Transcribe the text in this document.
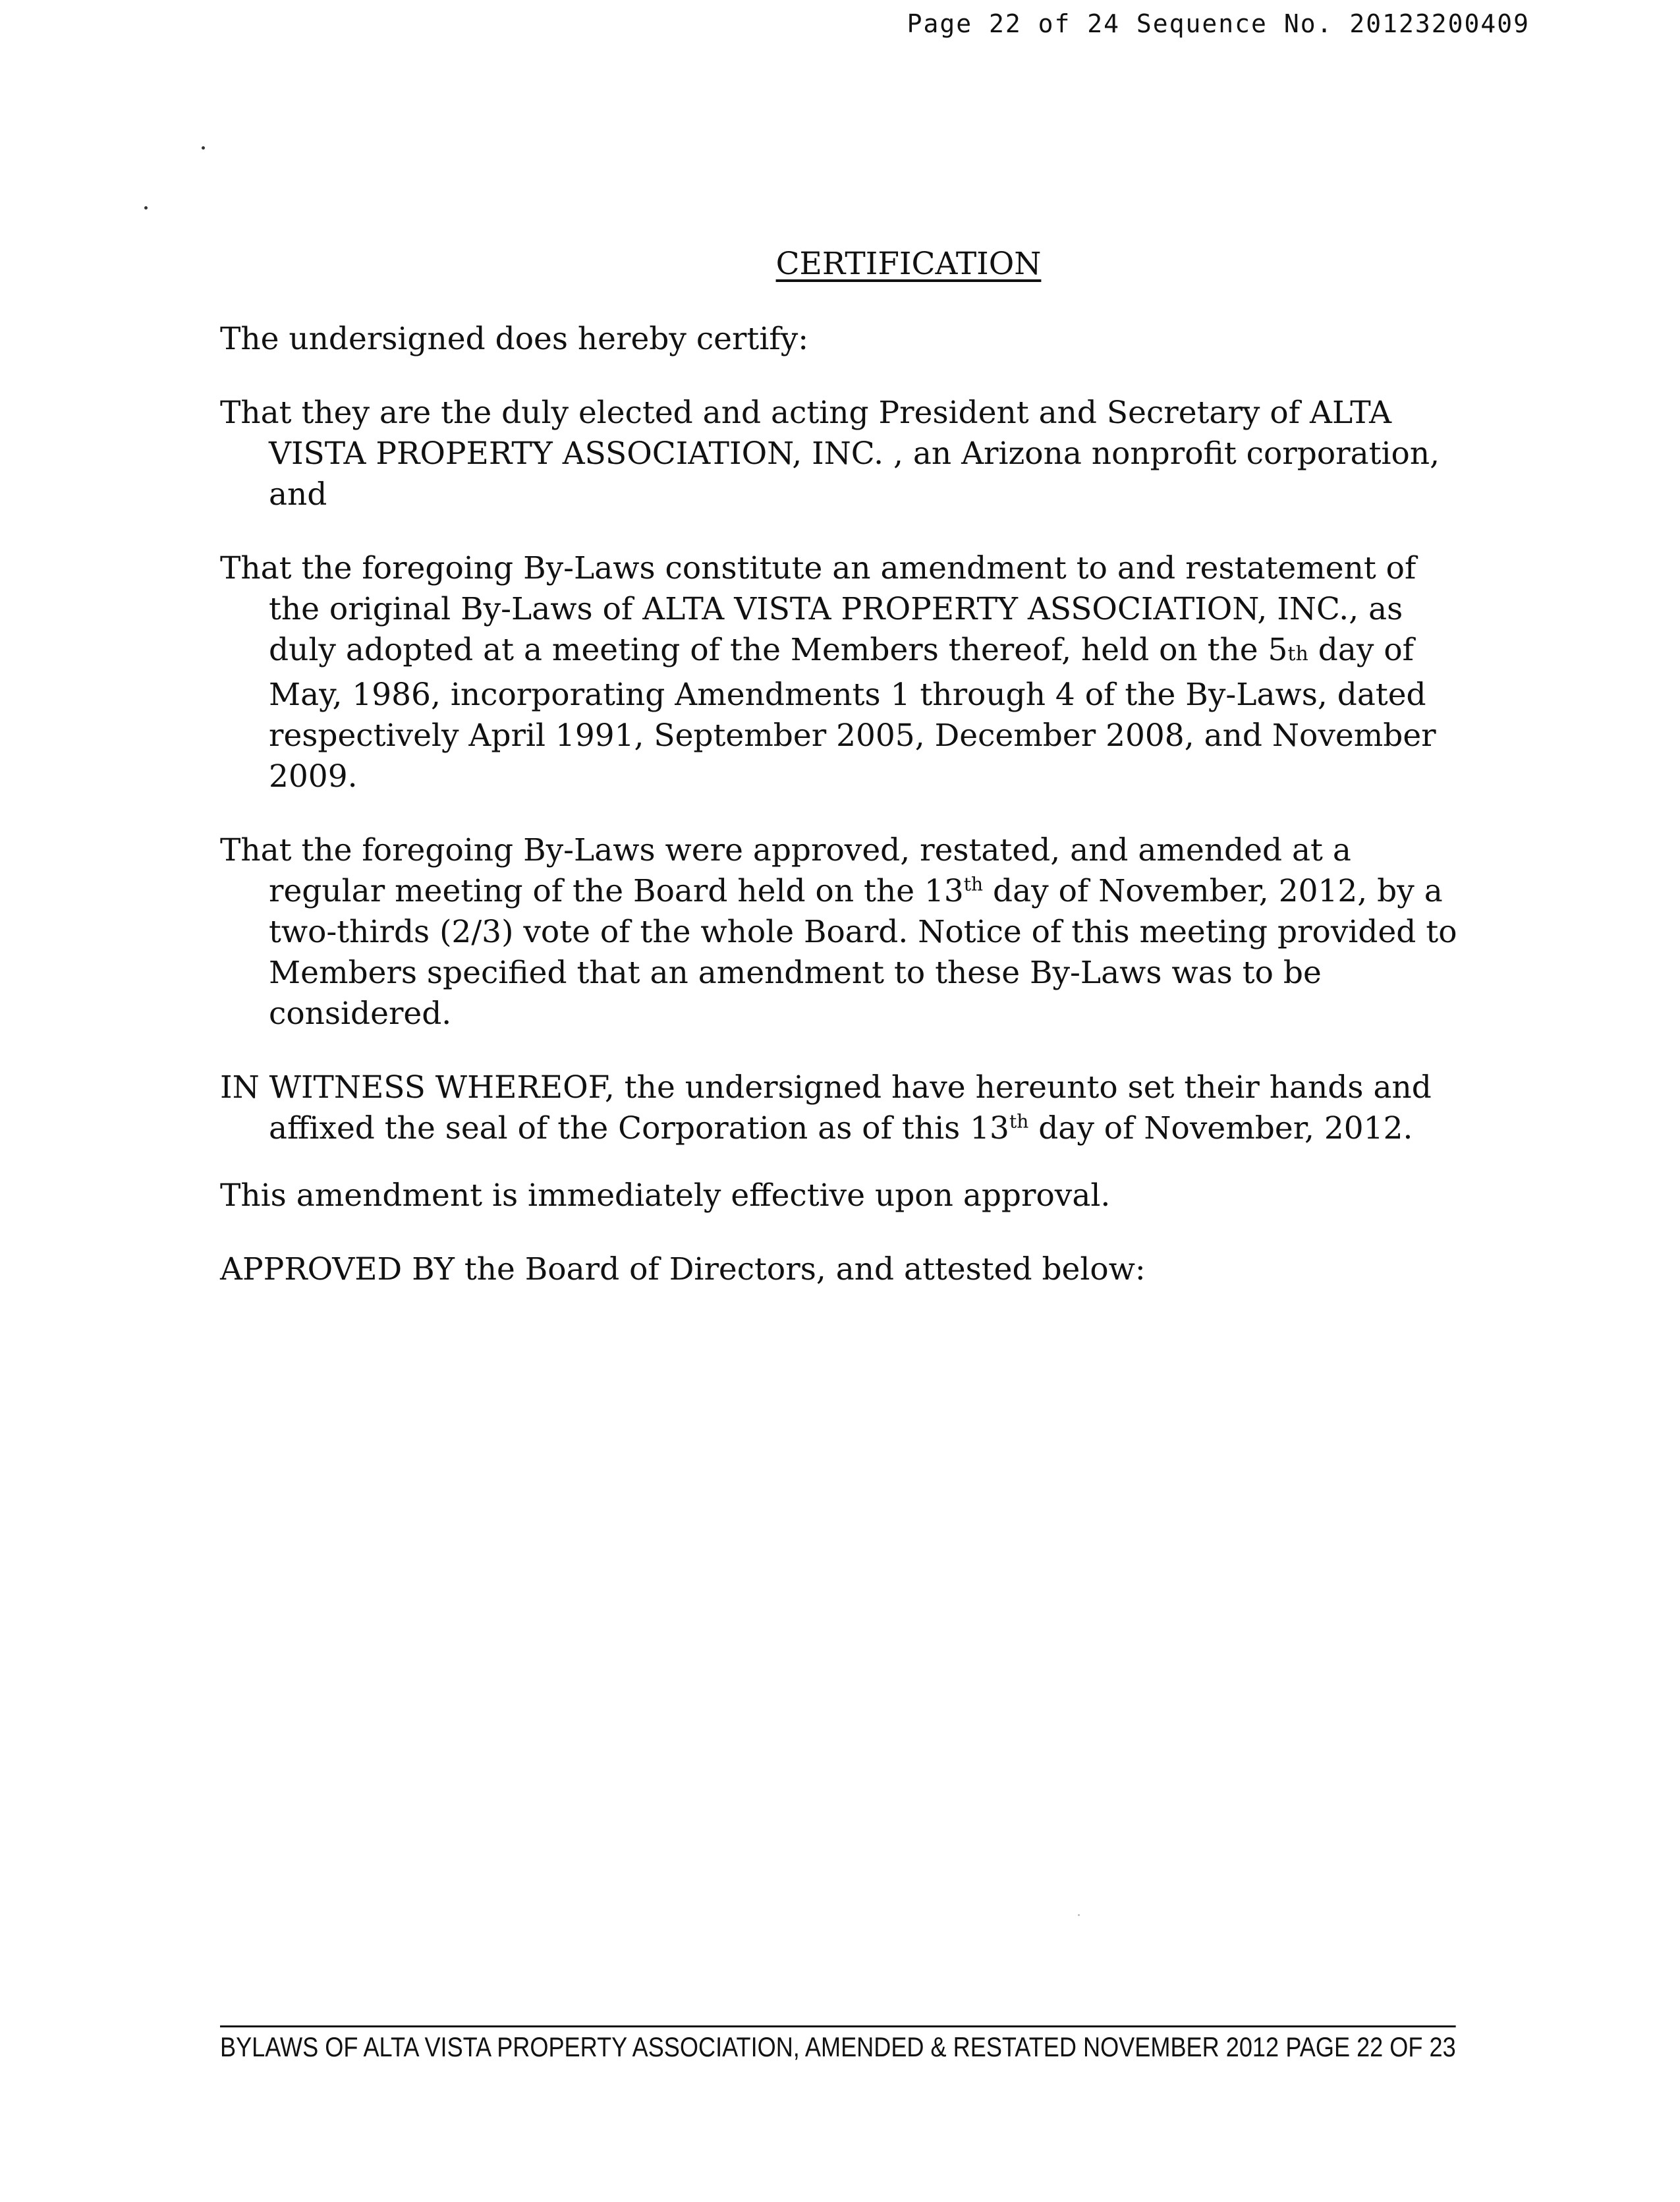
Page 22 of 24 Sequence No. 20123200409
CERTIFICATION

The undersigned does hereby certify:

That they are the duly elected and acting President and Secretary of ALTA VISTA PROPERTY ASSOCIATION, INC. , an Arizona nonprofit corporation, and

That the foregoing By-Laws constitute an amendment to and restatement of the original By-Laws of ALTA VISTA PROPERTY ASSOCIATION, INC., as duly adopted at a meeting of the Members thereof, held on the 5th day of May, 1986, incorporating Amendments 1 through 4 of the By-Laws, dated respectively April 1991, September 2005, December 2008, and November 2009.

That the foregoing By-Laws were approved, restated, and amended at a regular meeting of the Board held on the 13th day of November, 2012, by a two-thirds (2/3) vote of the whole Board. Notice of this meeting provided to Members specified that an amendment to these By-Laws was to be considered.

IN WITNESS WHEREOF, the undersigned have hereunto set their hands and affixed the seal of the Corporation as of this 13th day of November, 2012.

This amendment is immediately effective upon approval.

APPROVED BY the Board of Directors, and attested below:

BYLAWS OF ALTA VISTA PROPERTY ASSOCIATION, AMENDED & RESTATED NOVEMBER 2012 PAGE 22 OF 23
